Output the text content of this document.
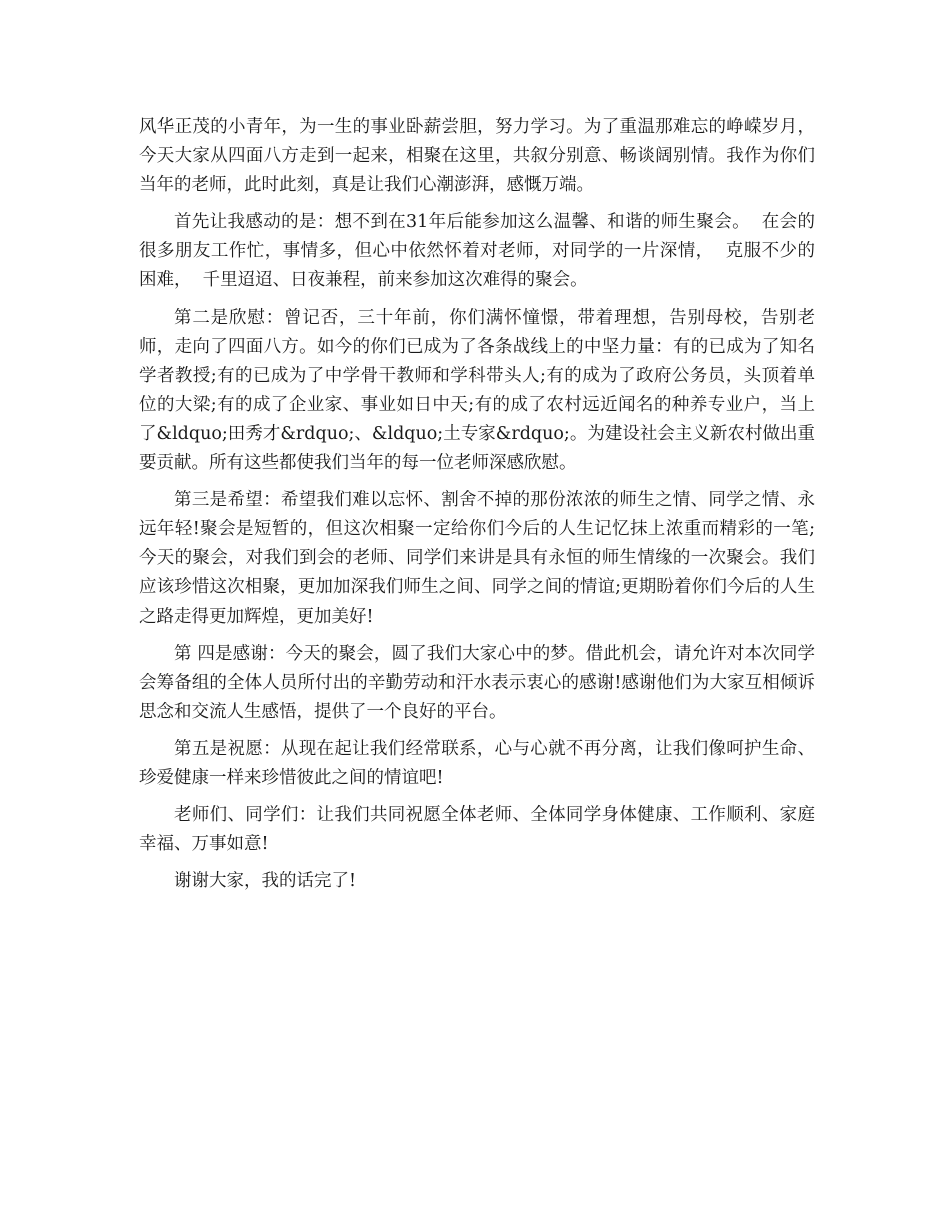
风华正茂的小青年，为一生的事业卧薪尝胆，努力学习。为了重温那难忘的峥嵘岁月，今天大家从四面八方走到一起来，相聚在这里，共叙分别意、畅谈阔别情。我作为你们当年的老师，此时此刻，真是让我们心潮澎湃，感慨万端。

首先让我感动的是：想不到在31年后能参加这么温馨、和谐的师生聚会。  在会的很多朋友工作忙，事情多，但心中依然怀着对老师，对同学的一片深情，  克服不少的困难，  千里迢迢、日夜兼程，前来参加这次难得的聚会。

第二是欣慰：曾记否，三十年前，你们满怀憧憬，带着理想，告别母校，告别老师，走向了四面八方。如今的你们已成为了各条战线上的中坚力量：有的已成为了知名学者教授;有的已成为了中学骨干教师和学科带头人;有的成为了政府公务员，头顶着单位的大梁;有的成了企业家、事业如日中天;有的成了农村远近闻名的种养专业户，当上了&ldquo;田秀才&rdquo;、&ldquo;土专家&rdquo;。为建设社会主义新农村做出重要贡献。所有这些都使我们当年的每一位老师深感欣慰。

第三是希望：希望我们难以忘怀、割舍不掉的那份浓浓的师生之情、同学之情、永远年轻!聚会是短暂的，但这次相聚一定给你们今后的人生记忆抹上浓重而精彩的一笔;今天的聚会，对我们到会的老师、同学们来讲是具有永恒的师生情缘的一次聚会。我们应该珍惜这次相聚，更加加深我们师生之间、同学之间的情谊;更期盼着你们今后的人生之路走得更加辉煌，更加美好!

第 四是感谢：今天的聚会，圆了我们大家心中的梦。借此机会，请允许对本次同学会筹备组的全体人员所付出的辛勤劳动和汗水表示衷心的感谢!感谢他们为大家互相倾诉思念和交流人生感悟，提供了一个良好的平台。

第五是祝愿：从现在起让我们经常联系，心与心就不再分离，让我们像呵护生命、珍爱健康一样来珍惜彼此之间的情谊吧!

老师们、同学们：让我们共同祝愿全体老师、全体同学身体健康、工作顺利、家庭幸福、万事如意!

谢谢大家，我的话完了!
